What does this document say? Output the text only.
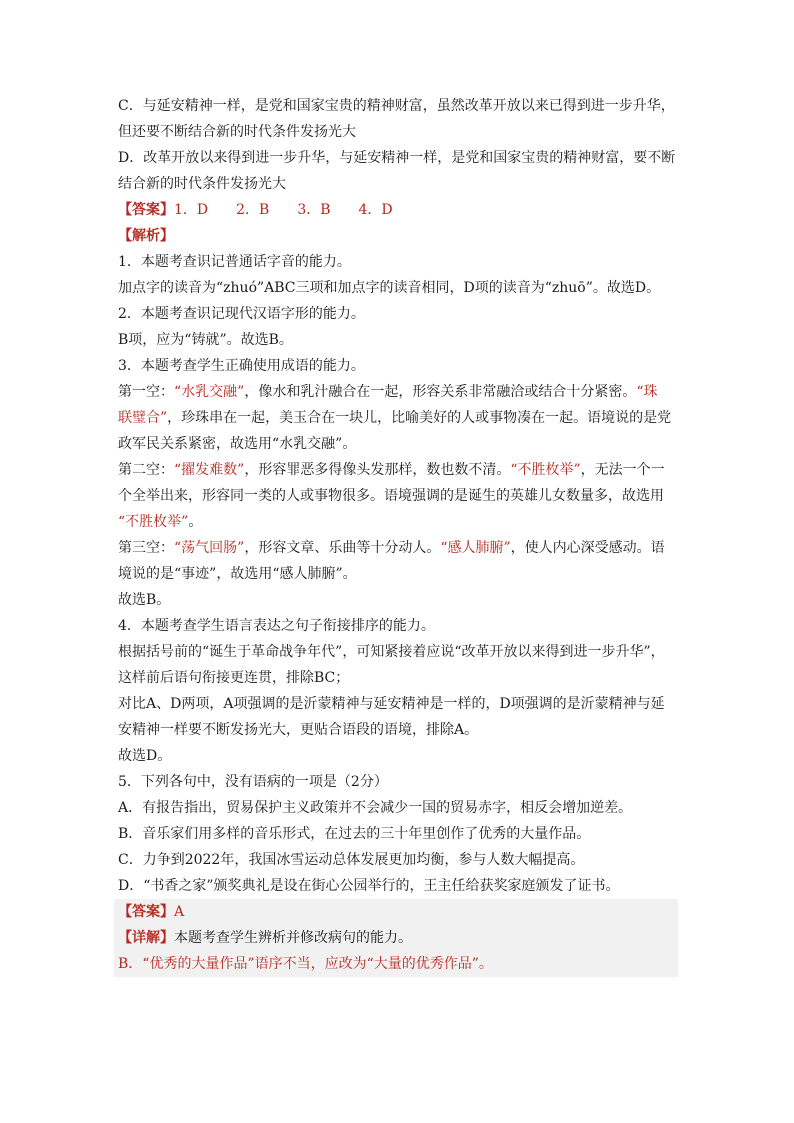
C．与延安精神一样，是党和国家宝贵的精神财富，虽然改革开放以来已得到进一步升华，
但还要不断结合新的时代条件发扬光大
D．改革开放以来得到进一步升华，与延安精神一样，是党和国家宝贵的精神财富，要不断
结合新的时代条件发扬光大
【答案】1．D　　2．B　　3．B　　4．D
【解析】
1．本题考查识记普通话字音的能力。
加点字的读音为“zhuó”ABC三项和加点字的读音相同，D项的读音为“zhuō”。故选D。
2．本题考查识记现代汉语字形的能力。
B项，应为“铸就”。故选B。
3．本题考查学生正确使用成语的能力。
第一空：“水乳交融”，像水和乳汁融合在一起，形容关系非常融洽或结合十分紧密。“珠
联璧合”，珍珠串在一起，美玉合在一块儿，比喻美好的人或事物凑在一起。语境说的是党
政军民关系紧密，故选用“水乳交融”。
第二空：“擢发难数”，形容罪恶多得像头发那样，数也数不清。“不胜枚举”，无法一个一
个全举出来，形容同一类的人或事物很多。语境强调的是诞生的英雄儿女数量多，故选用
“不胜枚举”。
第三空：“荡气回肠”，形容文章、乐曲等十分动人。“感人肺腑”，使人内心深受感动。语
境说的是“事迹”，故选用“感人肺腑”。
故选B。
4．本题考查学生语言表达之句子衔接排序的能力。
根据括号前的“诞生于革命战争年代”，可知紧接着应说“改革开放以来得到进一步升华”，
这样前后语句衔接更连贯，排除BC；
对比A、D两项，A项强调的是沂蒙精神与延安精神是一样的，D项强调的是沂蒙精神与延
安精神一样要不断发扬光大，更贴合语段的语境，排除A。
故选D。
5．下列各句中，没有语病的一项是（2分）
A．有报告指出，贸易保护主义政策并不会减少一国的贸易赤字，相反会增加逆差。
B．音乐家们用多样的音乐形式，在过去的三十年里创作了优秀的大量作品。
C．力争到2022年，我国冰雪运动总体发展更加均衡，参与人数大幅提高。
D．“书香之家”颁奖典礼是设在街心公园举行的，王主任给获奖家庭颁发了证书。
【答案】A
【详解】本题考查学生辨析并修改病句的能力。
B．“优秀的大量作品”语序不当，应改为“大量的优秀作品”。
